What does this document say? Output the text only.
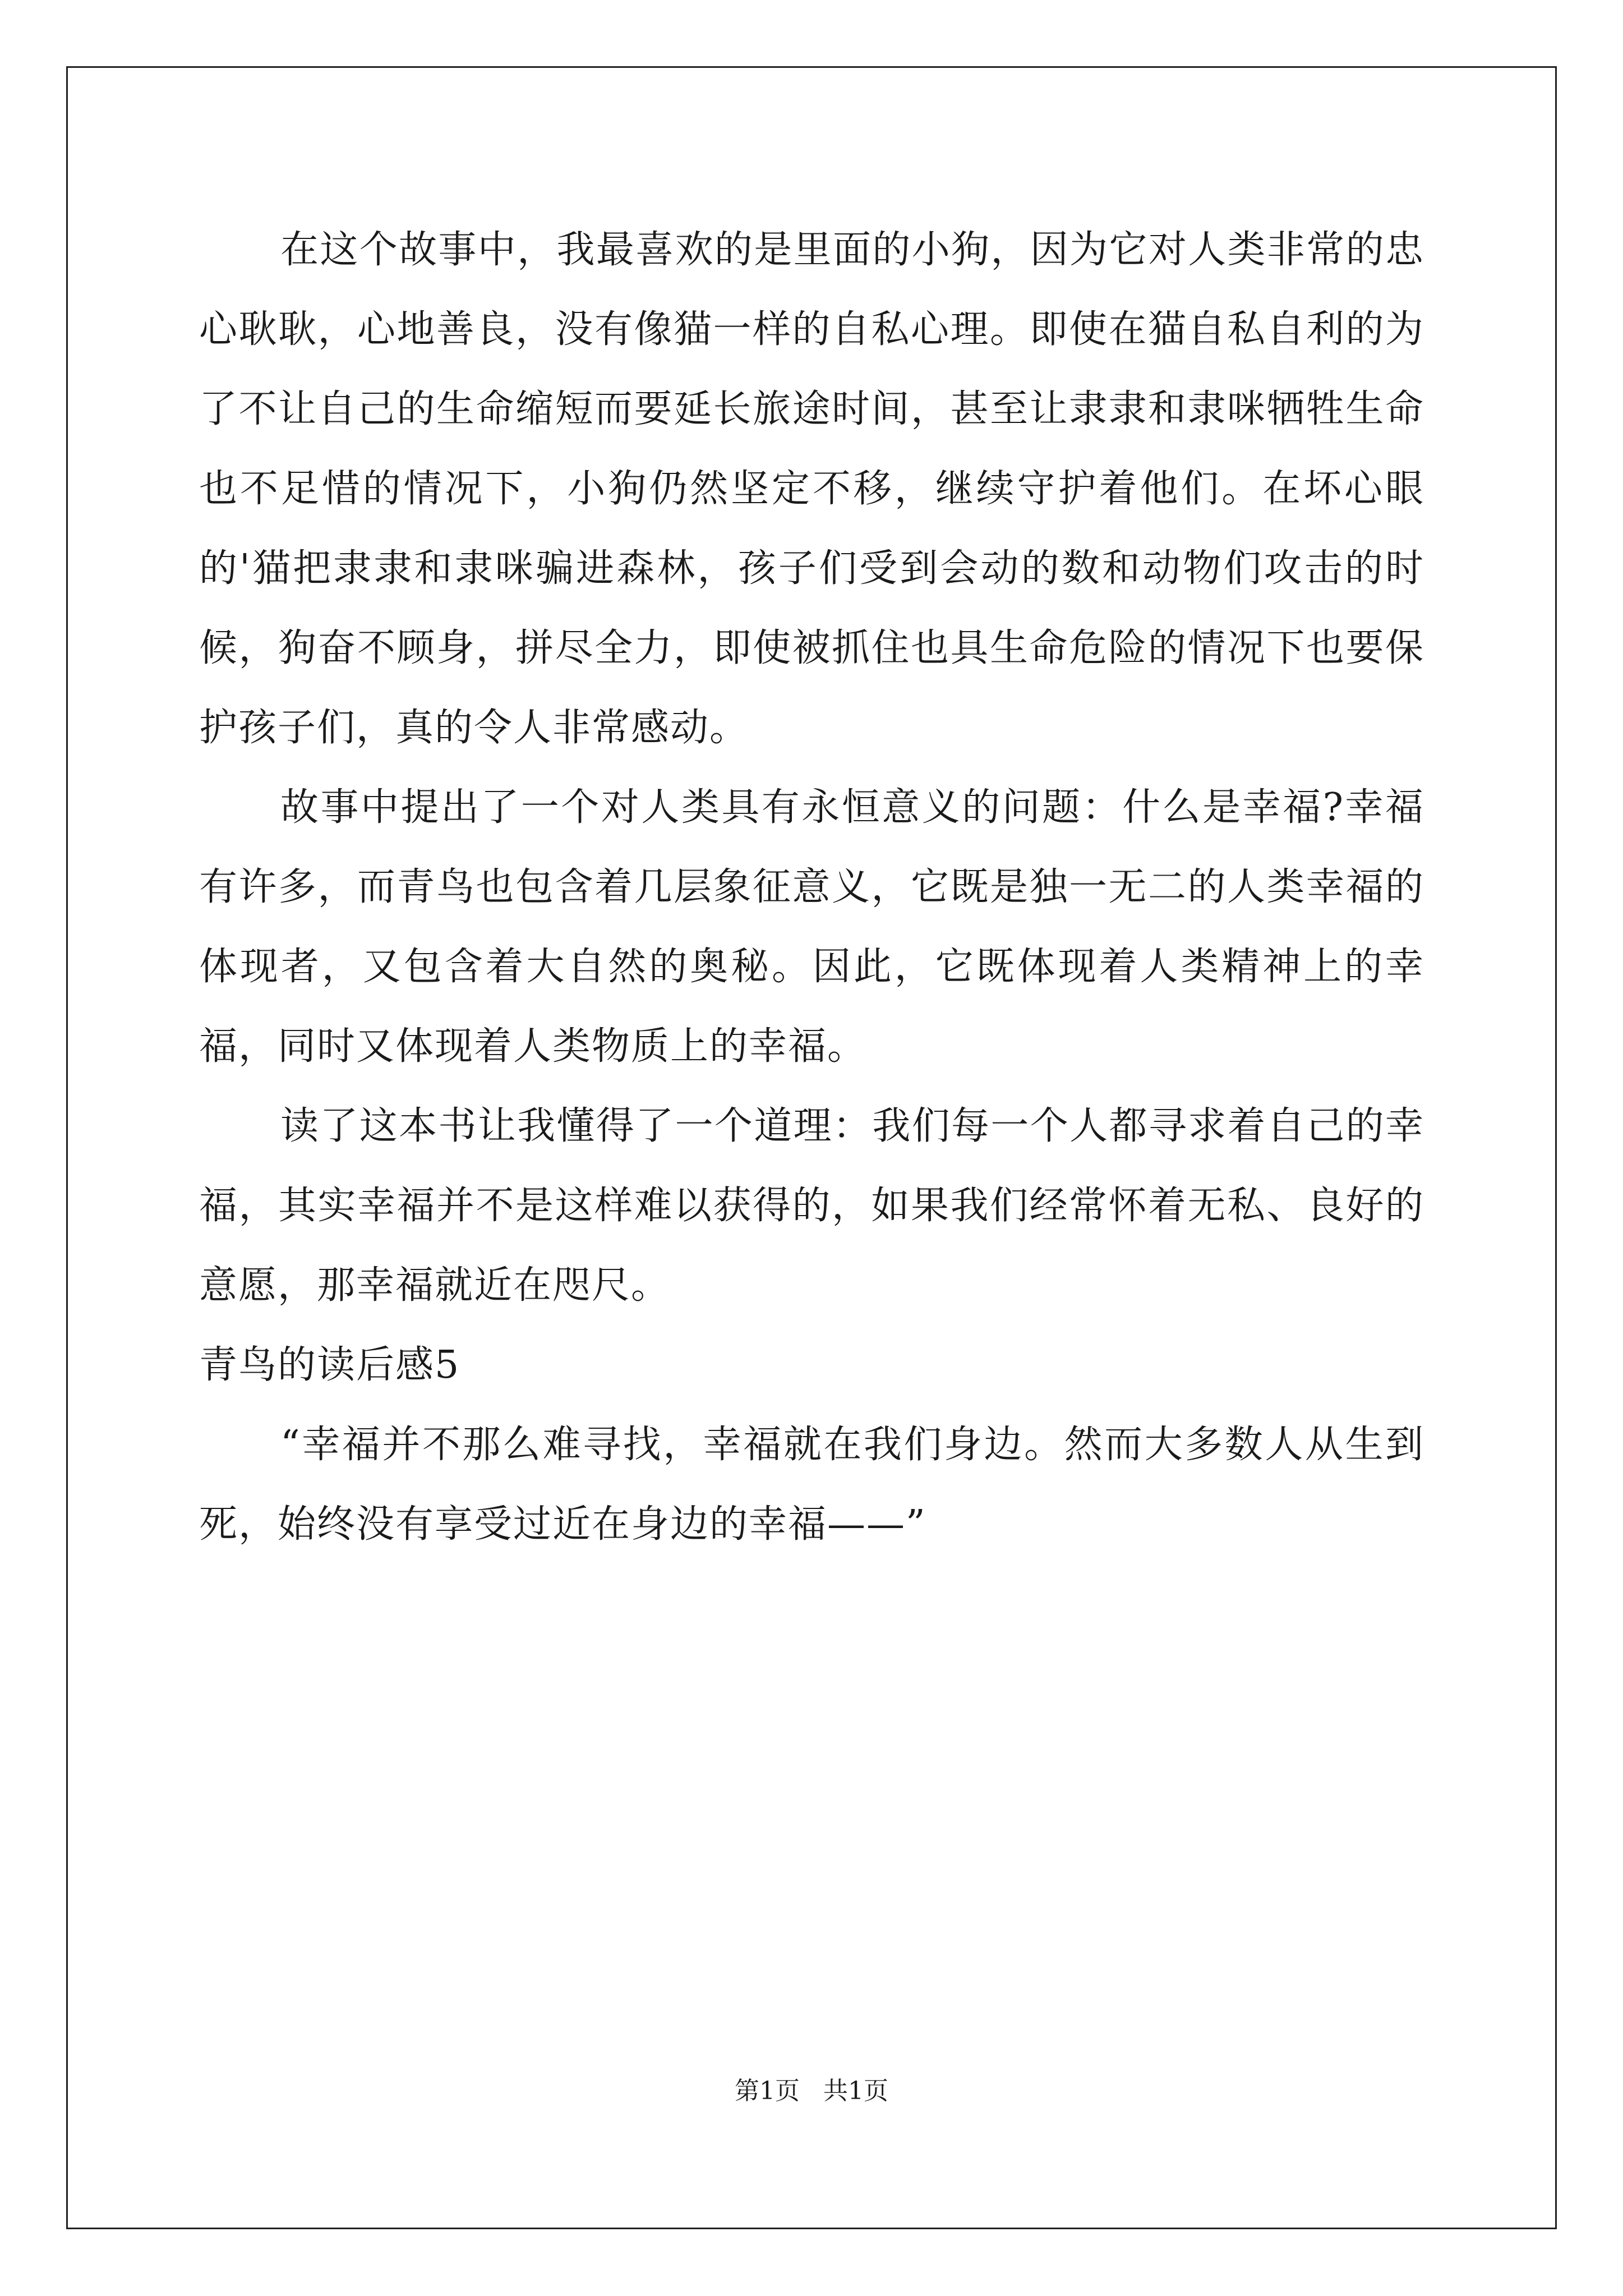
在这个故事中，我最喜欢的是里面的小狗，因为它对人类非常的忠心耿耿，心地善良，没有像猫一样的自私心理。即使在猫自私自利的为了不让自己的生命缩短而要延长旅途时间，甚至让隶隶和隶咪牺牲生命也不足惜的情况下，小狗仍然坚定不移，继续守护着他们。在坏心眼的'猫把隶隶和隶咪骗进森林，孩子们受到会动的数和动物们攻击的时候，狗奋不顾身，拼尽全力，即使被抓住也具生命危险的情况下也要保护孩子们，真的令人非常感动。

故事中提出了一个对人类具有永恒意义的问题：什么是幸福?幸福有许多，而青鸟也包含着几层象征意义，它既是独一无二的人类幸福的体现者，又包含着大自然的奥秘。因此，它既体现着人类精神上的幸福，同时又体现着人类物质上的幸福。

读了这本书让我懂得了一个道理：我们每一个人都寻求着自己的幸福，其实幸福并不是这样难以获得的，如果我们经常怀着无私、良好的意愿，那幸福就近在咫尺。

青鸟的读后感5

“幸福并不那么难寻找，幸福就在我们身边。然而大多数人从生到死，始终没有享受过近在身边的幸福——”

第1页 共1页
